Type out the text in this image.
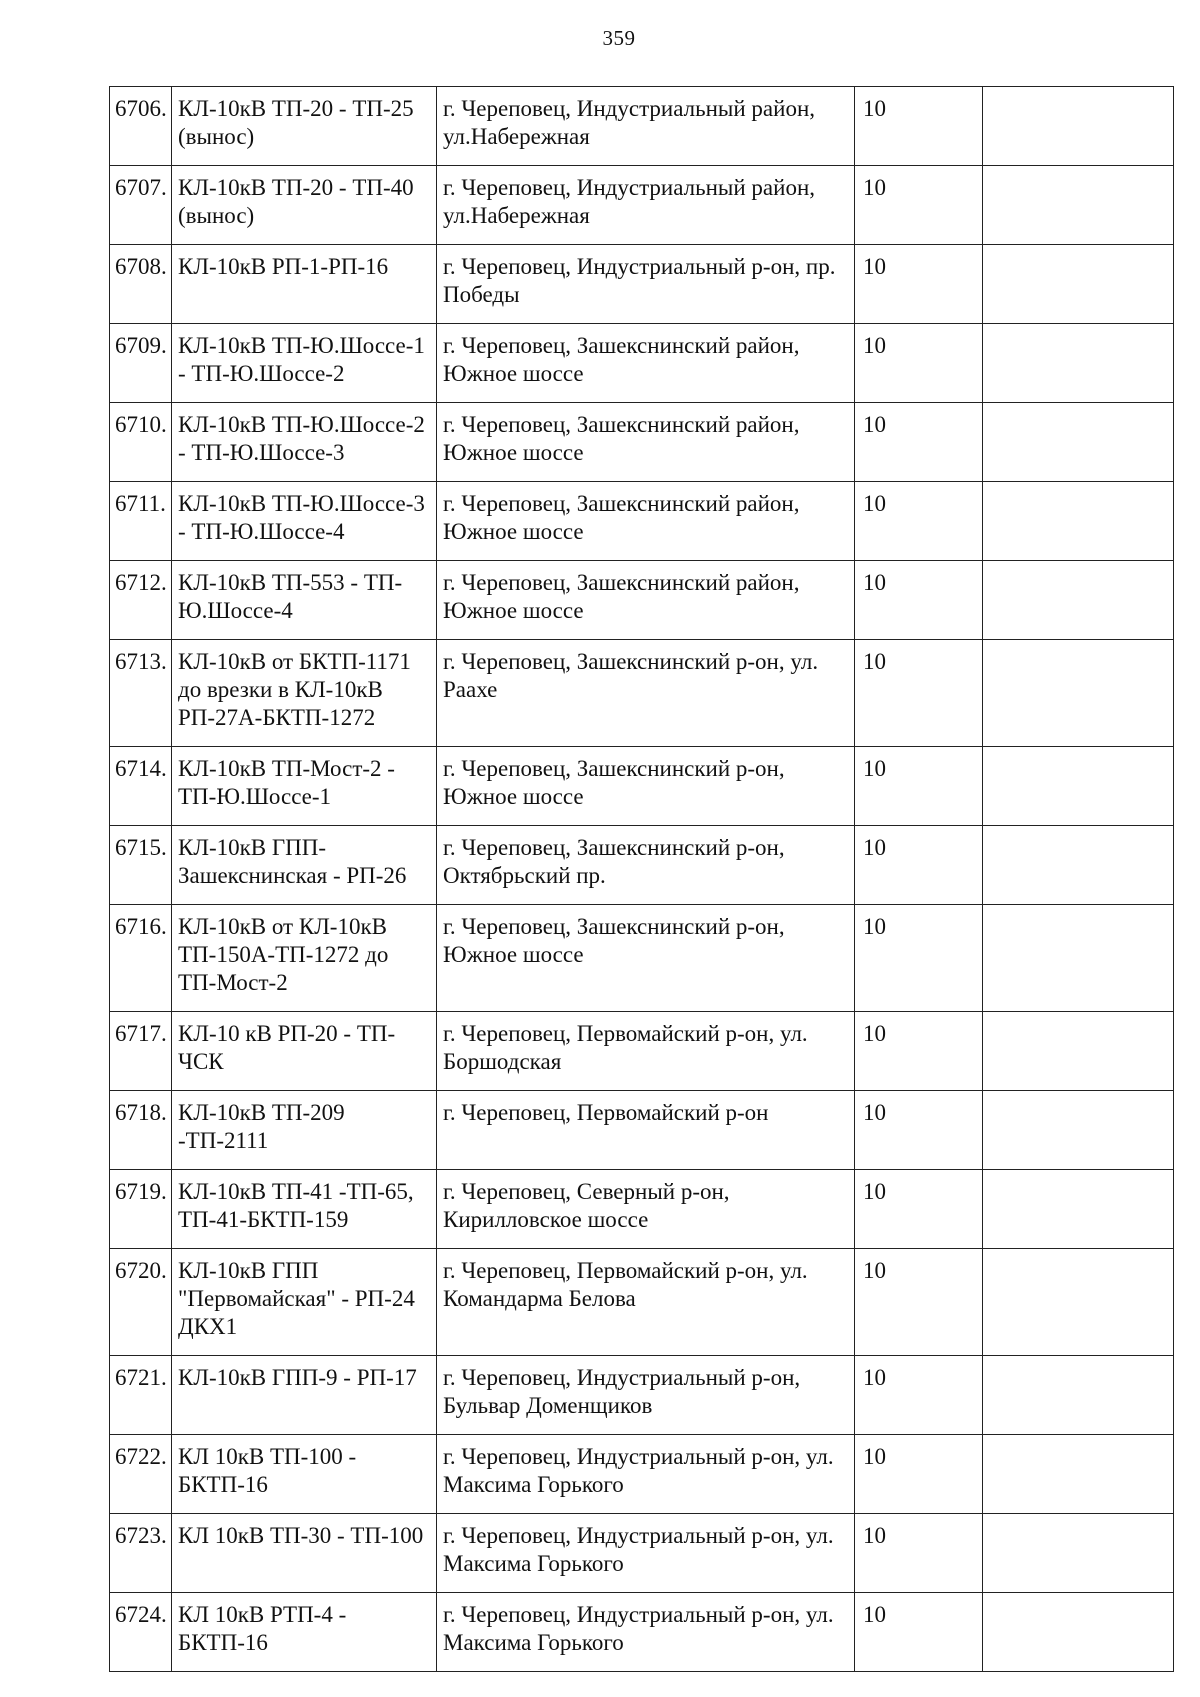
359
6706.	КЛ-10кВ ТП-20 - ТП-25 (вынос)	г. Череповец, Индустриальный район, ул.Набережная	10	
6707.	КЛ-10кВ ТП-20 - ТП-40 (вынос)	г. Череповец, Индустриальный район, ул.Набережная	10	
6708.	КЛ-10кВ РП-1-РП-16	г. Череповец, Индустриальный р-он, пр. Победы	10	
6709.	КЛ-10кВ ТП-Ю.Шоссе-1 - ТП-Ю.Шоссе-2	г. Череповец, Зашекснинский район, Южное шоссе	10	
6710.	КЛ-10кВ ТП-Ю.Шоссе-2 - ТП-Ю.Шоссе-3	г. Череповец, Зашекснинский район, Южное шоссе	10	
6711.	КЛ-10кВ ТП-Ю.Шоссе-3 - ТП-Ю.Шоссе-4	г. Череповец, Зашекснинский район, Южное шоссе	10	
6712.	КЛ-10кВ ТП-553 - ТП-Ю.Шоссе-4	г. Череповец, Зашекснинский район, Южное шоссе	10	
6713.	КЛ-10кВ от БКТП-1171 до врезки в КЛ-10кВ РП-27А-БКТП-1272	г. Череповец, Зашекснинский р-он, ул. Раахе	10	
6714.	КЛ-10кВ ТП-Мост-2 - ТП-Ю.Шоссе-1	г. Череповец, Зашекснинский р-он, Южное шоссе	10	
6715.	КЛ-10кВ ГПП-Зашекснинская - РП-26	г. Череповец, Зашекснинский р-он, Октябрьский пр.	10	
6716.	КЛ-10кВ от КЛ-10кВ ТП-150А-ТП-1272 до ТП-Мост-2	г. Череповец, Зашекснинский р-он, Южное шоссе	10	
6717.	КЛ-10 кВ РП-20 - ТП-ЧСК	г. Череповец, Первомайский р-он, ул. Боршодская	10	
6718.	КЛ-10кВ ТП-209 -ТП-2111	г. Череповец, Первомайский р-он	10	
6719.	КЛ-10кВ ТП-41 -ТП-65, ТП-41-БКТП-159	г. Череповец, Северный р-он, Кирилловское шоссе	10	
6720.	КЛ-10кВ ГПП "Первомайская" - РП-24 ДКХ1	г. Череповец, Первомайский р-он, ул. Командарма Белова	10	
6721.	КЛ-10кВ ГПП-9 - РП-17	г. Череповец, Индустриальный р-он, Бульвар Доменщиков	10	
6722.	КЛ 10кВ ТП-100 - БКТП-16	г. Череповец, Индустриальный р-он, ул. Максима Горького	10	
6723.	КЛ 10кВ ТП-30 - ТП-100	г. Череповец, Индустриальный р-он, ул. Максима Горького	10	
6724.	КЛ 10кВ РТП-4 - БКТП-16	г. Череповец, Индустриальный р-он, ул. Максима Горького	10	
